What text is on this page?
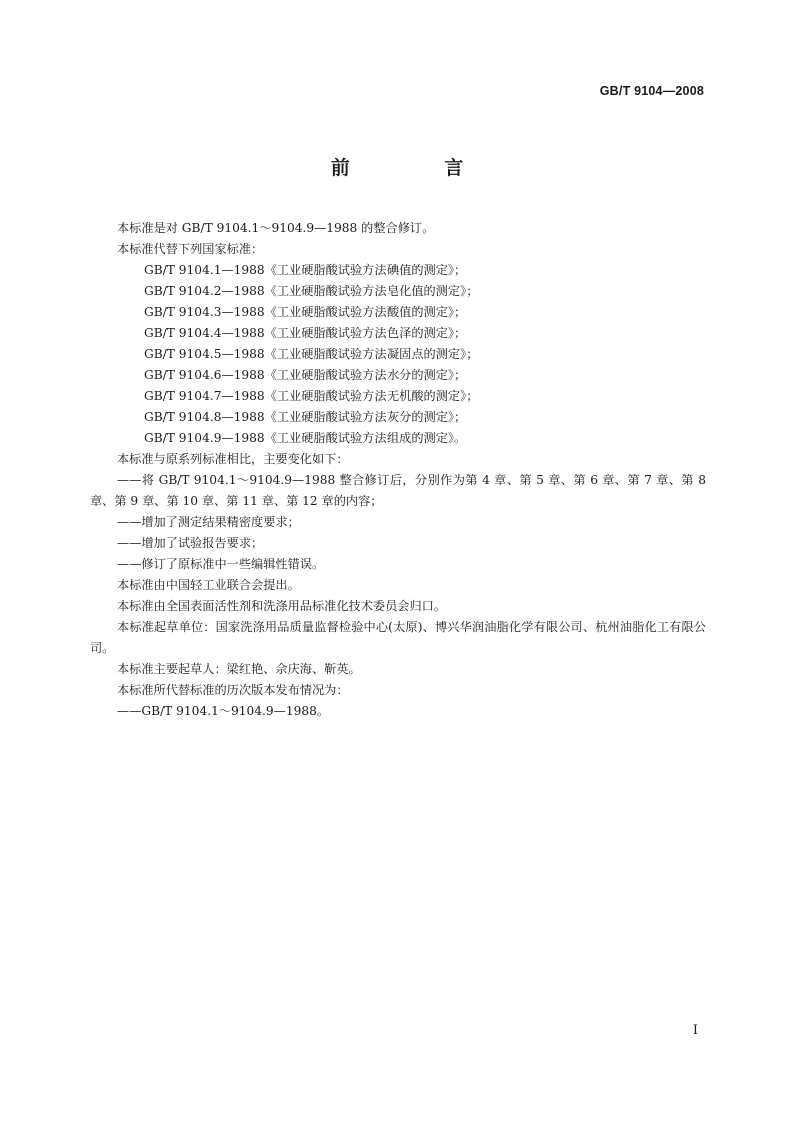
GB/T 9104—2008
前 言

本标准是对 GB/T 9104.1～9104.9—1988 的整合修订。

本标准代替下列国家标准：

GB/T 9104.1—1988《工业硬脂酸试验方法碘值的测定》；

GB/T 9104.2—1988《工业硬脂酸试验方法皂化值的测定》；

GB/T 9104.3—1988《工业硬脂酸试验方法酸值的测定》；

GB/T 9104.4—1988《工业硬脂酸试验方法色泽的测定》；

GB/T 9104.5—1988《工业硬脂酸试验方法凝固点的测定》；

GB/T 9104.6—1988《工业硬脂酸试验方法水分的测定》；

GB/T 9104.7—1988《工业硬脂酸试验方法无机酸的测定》；

GB/T 9104.8—1988《工业硬脂酸试验方法灰分的测定》；

GB/T 9104.9—1988《工业硬脂酸试验方法组成的测定》。

本标准与原系列标准相比，主要变化如下：

——将 GB/T 9104.1～9104.9—1988 整合修订后，分别作为第 4 章、第 5 章、第 6 章、第 7 章、第 8 章、第 9 章、第 10 章、第 11 章、第 12 章的内容；

——增加了测定结果精密度要求；

——增加了试验报告要求；

——修订了原标准中一些编辑性错误。

本标准由中国轻工业联合会提出。

本标准由全国表面活性剂和洗涤用品标准化技术委员会归口。

本标准起草单位：国家洗涤用品质量监督检验中心(太原)、博兴华润油脂化学有限公司、杭州油脂化工有限公司。

本标准主要起草人：梁红艳、佘庆海、靳英。

本标准所代替标准的历次版本发布情况为：

——GB/T 9104.1～9104.9—1988。

I
